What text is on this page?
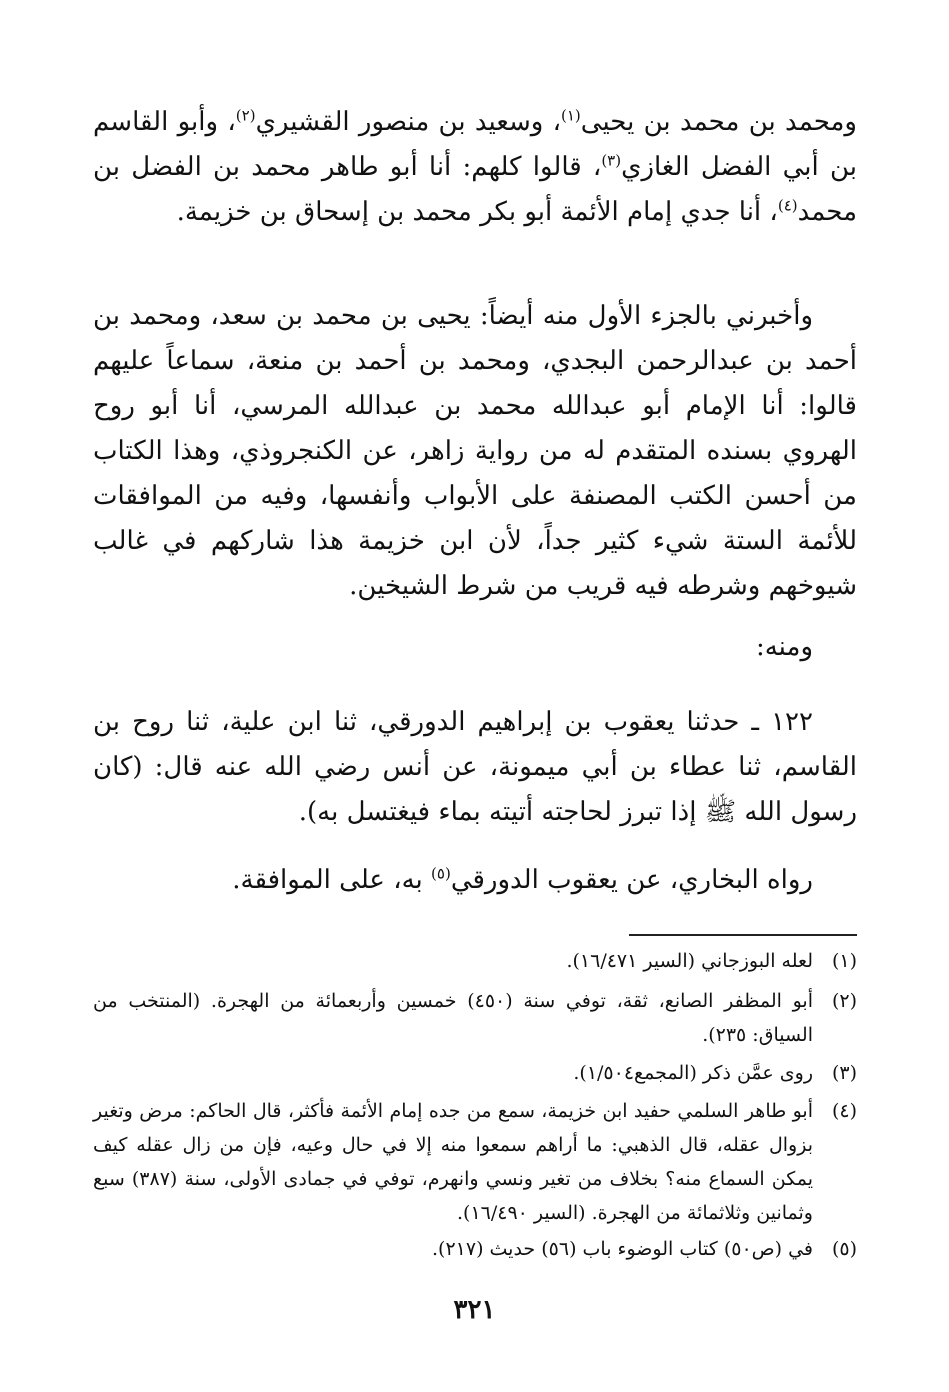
ومحمد بن محمد بن يحيى$^{(١)}$، وسعيد بن منصور القشيري$^{(٢)}$، وأبو القاسم بن أبي الفضل الغازي$^{(٣)}$، قالوا كلهم: أنا أبو طاهر محمد بن الفضل بن محمد$^{(٤)}$، أنا جدي إمام الأئمة أبو بكر محمد بن إسحاق بن خزيمة.
وأخبرني بالجزء الأول منه أيضاً: يحيى بن محمد بن سعد، ومحمد بن أحمد بن عبدالرحمن البجدي، ومحمد بن أحمد بن منعة، سماعاً عليهم قالوا: أنا الإمام أبو عبدالله محمد بن عبدالله المرسي، أنا أبو روح الهروي بسنده المتقدم له من رواية زاهر، عن الكنجروذي، وهذا الكتاب من أحسن الكتب المصنفة على الأبواب وأنفسها، وفيه من الموافقات للأئمة الستة شيء كثير جداً، لأن ابن خزيمة هذا شاركهم في غالب شيوخهم وشرطه فيه قريب من شرط الشيخين.
ومنه:
١٢٢ ـ حدثنا يعقوب بن إبراهيم الدورقي، ثنا ابن علية، ثنا روح بن القاسم، ثنا عطاء بن أبي ميمونة، عن أنس رضي الله عنه قال: (كان رسول الله ﷺ إذا تبرز لحاجته أتيته بماء فيغتسل به).
رواه البخاري، عن يعقوب الدورقي$^{(٥)}$ به، على الموافقة.
(١)
لعله البوزجاني (السير ١٦/٤٧١).
(٢)
أبو المظفر الصانع، ثقة، توفي سنة (٤٥٠) خمسين وأربعمائة من الهجرة. (المنتخب من السياق: ٢٣٥).
(٣)
روى عمَّن ذكر (المجمع١/٥٠٤).
(٤)
أبو طاهر السلمي حفيد ابن خزيمة، سمع من جده إمام الأئمة فأكثر، قال الحاكم: مرض وتغير بزوال عقله، قال الذهبي: ما أراهم سمعوا منه إلا في حال وعيه، فإن من زال عقله كيف يمكن السماع منه؟ بخلاف من تغير ونسي وانهرم، توفي في جمادى الأولى، سنة (٣٨٧) سبع وثمانين وثلاثمائة من الهجرة. (السير ١٦/٤٩٠).
(٥)
في (ص٥٠) كتاب الوضوء باب (٥٦) حديث (٢١٧).
٣٢١
